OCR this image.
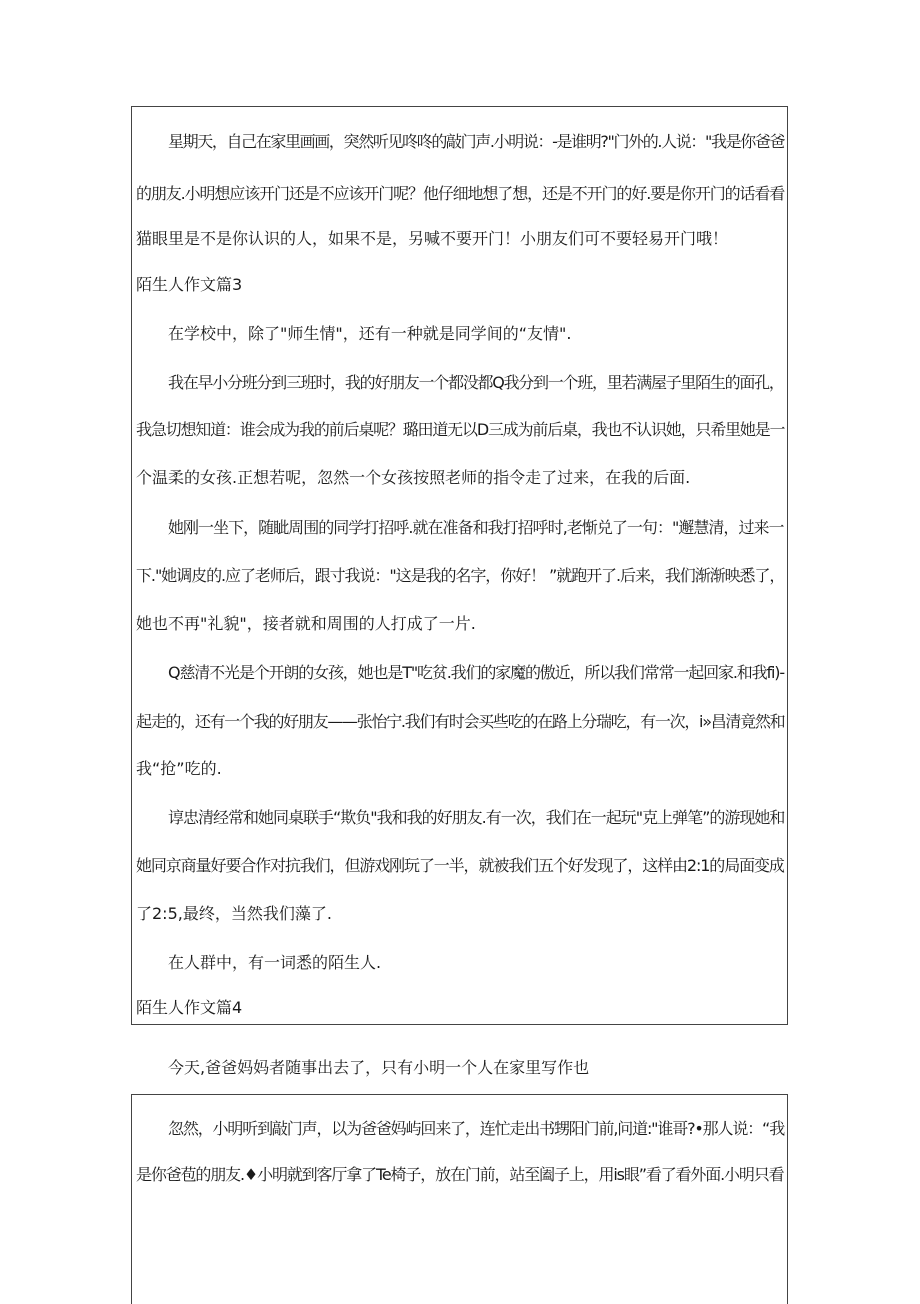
星期天，自己在家里画画，突然听见咚咚的敲门声.小明说：-是谁明?"门外的.人说："我是你爸爸
的朋友.小明想应该开门还是不应该开门呢？他仔细地想了想，还是不开门的好.要是你开门的话看看
猫眼里是不是你认识的人，如果不是，另喊不要开门！小朋友们可不要轻易开门哦！
陌生人作文篇3
在学校中，除了"师生情"，还有一种就是同学间的“友情".
我在早小分班分到三班时，我的好朋友一个都没都Q我分到一个班，里若满屋子里陌生的面孔，
我急切想知道：谁会成为我的前后桌呢？璐田道无以D三成为前后桌，我也不认识她，只希里她是一
个温柔的女孩.正想若呢，忽然一个女孩按照老师的指令走了过来，在我的后面.
她刚一坐下，随眦周围的同学打招呼.就在准备和我打招呼时,老惭兑了一句："邂慧清，过来一
下."她调皮的.应了老师后，跟寸我说："这是我的名字，你好！ ”就跑开了.后来，我们渐渐映悉了，
她也不再"礼貌"，接者就和周围的人打成了一片.
Q慈清不光是个开朗的女孩，她也是T"吃贫.我们的家魔的傲近，所以我们常常一起回家.和我fi)-
起走的，还有一个我的好朋友——张怡宁.我们有时会买些吃的在路上分瑞吃，有一次，i»昌清竟然和
我“抢”吃的.
谆忠清经常和她同桌联手“欺负"我和我的好朋友.有一次，我们在一起玩"克上弹笔”的游现她和
她同京商量好要合作对抗我们，但游戏刚玩了一半，就被我们五个好发现了，这样由2:1的局面变成
了2:5,最终，当然我们藻了.
在人群中，有一词悉的陌生人.
陌生人作文篇4
今天,爸爸妈妈者随事出去了，只有小明一个人在家里写作也
忽然，小明听到敲门声，以为爸爸妈屿回来了，连忙走出书甥阳门前,问道:"谁哥?•那人说：“我
是你爸苞的朋友.♦小明就到客厅拿了Te椅子，放在门前，站至阖子上，用is眼”看了看外面.小明只看
